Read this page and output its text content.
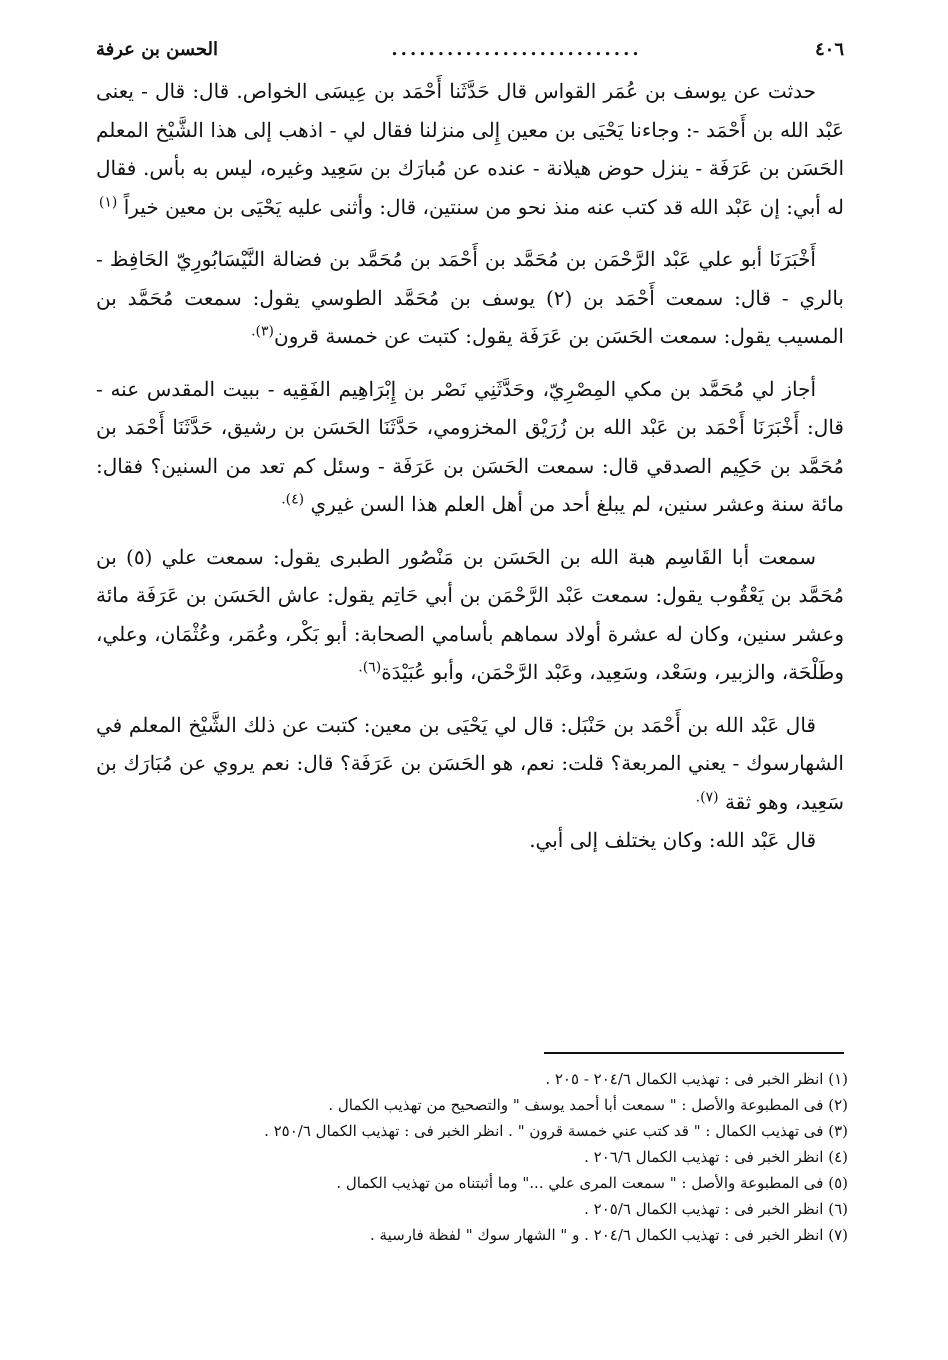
٤٠٦
...........................
الحسن بن عرفة

حدثت عن يوسف بن عُمَر القواس قال حَدَّثَنا أَحْمَد بن عِيسَى الخواص. قال: قال - يعنى عَبْد الله بن أَحْمَد -: وجاءنا يَحْيَى بن معين إِلى منزلنا فقال لي - اذهب إلى هذا الشَّيْخ المعلم الحَسَن بن عَرَفَة - ينزل حوض هيلانة - عنده عن مُبارَك بن سَعِيد وغيره، ليس به بأس. فقال له أبي: إن عَبْد الله قد كتب عنه منذ نحو من سنتين، قال: وأثنى عليه يَحْيَى بن معين خيراً $^{(١)}$

أَخْبَرَنَا أبو علي عَبْد الرَّحْمَن بن مُحَمَّد بن أَحْمَد بن مُحَمَّد بن فضالة النَّيْسَابُورِيّ الحَافِظ - بالري - قال: سمعت أَحْمَد بن (٢) يوسف بن مُحَمَّد الطوسي يقول: سمعت مُحَمَّد بن المسيب يقول: سمعت الحَسَن بن عَرَفَة يقول: كتبت عن خمسة قرون$^{(٣).}$

أجاز لي مُحَمَّد بن مكي المِصْرِيّ، وحَدَّثَنِي نَصْر بن إِبْرَاهِيم الفَقِيه - ببيت المقدس عنه - قال: أَخْبَرَنَا أَحْمَد بن عَبْد الله بن زُرَيْق المخزومي، حَدَّثَنَا الحَسَن بن رشيق، حَدَّثَنَا أَحْمَد بن مُحَمَّد بن حَكِيم الصدقي قال: سمعت الحَسَن بن عَرَفَة - وسئل كم تعد من السنين؟ فقال: مائة سنة وعشر سنين، لم يبلغ أحد من أهل العلم هذا السن غيري $^{(٤).}$

سمعت أبا القَاسِم هبة الله بن الحَسَن بن مَنْصُور الطبرى يقول: سمعت علي (٥) بن مُحَمَّد بن يَعْقُوب يقول: سمعت عَبْد الرَّحْمَن بن أبي حَاتِم يقول: عاش الحَسَن بن عَرَفَة مائة وعشر سنين، وكان له عشرة أولاد سماهم بأسامي الصحابة: أبو بَكْر، وعُمَر، وعُثْمَان، وعلي، وطَلْحَة، والزبير، وسَعْد، وسَعِيد، وعَبْد الرَّحْمَن، وأبو عُبَيْدَة$^{(٦).}$

قال عَبْد الله بن أَحْمَد بن حَنْبَل: قال لي يَحْيَى بن معين: كتبت عن ذلك الشَّيْخ المعلم في الشهارسوك - يعني المربعة؟ قلت: نعم، هو الحَسَن بن عَرَفَة؟ قال: نعم يروي عن مُبَارَك بن سَعِيد، وهو ثقة $^{(٧).}$

قال عَبْد الله: وكان يختلف إلى أبي.

(١) انظر الخبر فى : تهذيب الكمال ٢٠٤/٦ - ٢٠٥ .
(٢) فى المطبوعة والأصل : " سمعت أبا أحمد يوسف " والتصحيح من تهذيب الكمال .
(٣) فى تهذيب الكمال : " قد كتب عني خمسة قرون " . انظر الخبر فى : تهذيب الكمال ٢٥٠/٦ .
(٤) انظر الخبر فى : تهذيب الكمال ٢٠٦/٦ .
(٥) فى المطبوعة والأصل : " سمعت المرى علي ..." وما أثبتناه من تهذيب الكمال .
(٦) انظر الخبر فى : تهذيب الكمال ٢٠٥/٦ .
(٧) انظر الخبر فى : تهذيب الكمال ٢٠٤/٦ . و " الشهار سوك " لفظة فارسية .
